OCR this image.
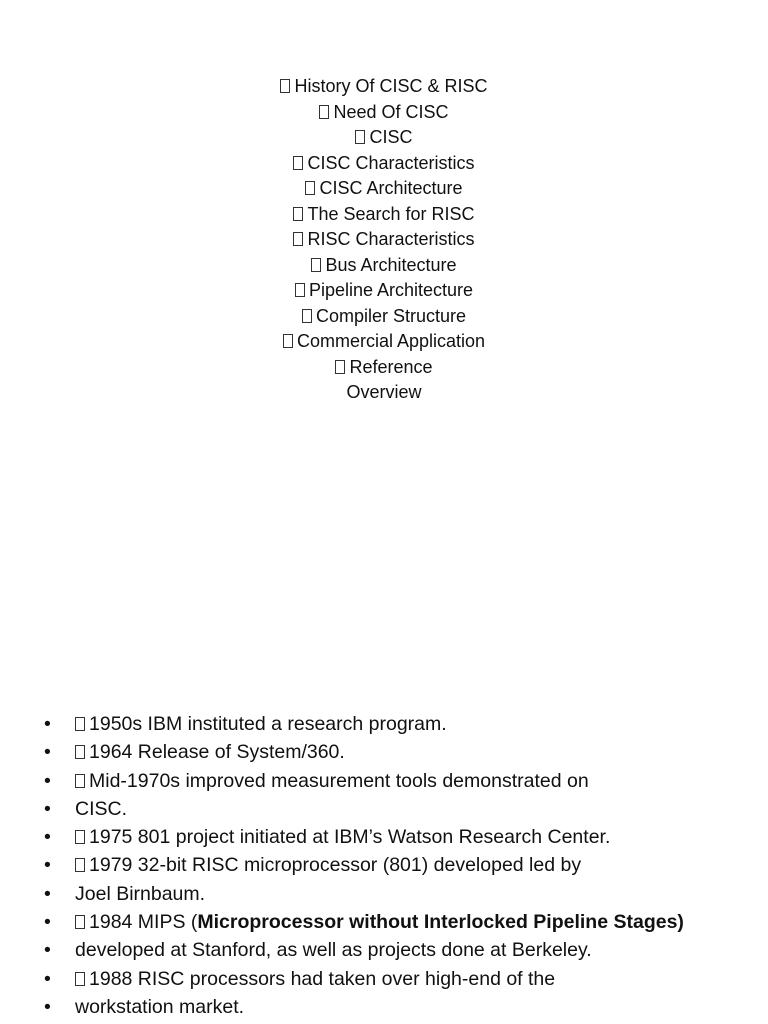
History Of CISC & RISC
Need Of CISC
CISC
CISC Characteristics
CISC Architecture
The Search for RISC
RISC Characteristics
Bus Architecture
Pipeline Architecture
Compiler Structure
Commercial Application
Reference
Overview
• 1950s IBM instituted a research program.
• 1964 Release of System/360.
• Mid-1970s improved measurement tools demonstrated on
• CISC.
• 1975 801 project initiated at IBM’s Watson Research Center.
• 1979 32-bit RISC microprocessor (801) developed led by
• Joel Birnbaum.
• 1984 MIPS (Microprocessor without Interlocked Pipeline Stages)
• developed at Stanford, as well as projects done at Berkeley.
• 1988 RISC processors had taken over high-end of the
• workstation market.
